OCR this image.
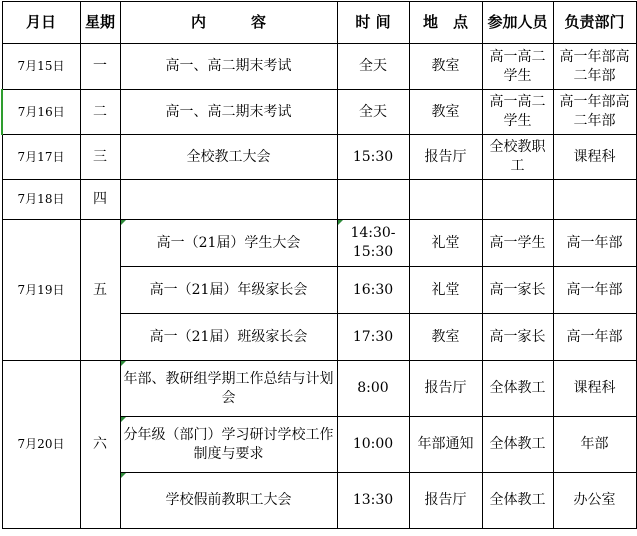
月日	星期	内　　　容	时 间	地　点	参加人员	负责部门
7月15日	一	高一、高二期末考试	全天	教室	高一高二学生	高一年部高二年部
7月16日	二	高一、高二期末考试	全天	教室	高一高二学生	高一年部高二年部
7月17日	三	全校教工大会	15:30	报告厅	全校教职工	课程科
7月18日	四					
7月19日	五	高一（21届）学生大会	14:30-15:30	礼堂	高一学生	高一年部
		高一（21届）年级家长会	16:30	礼堂	高一家长	高一年部
		高一（21届）班级家长会	17:30	教室	高一家长	高一年部
7月20日	六	年部、教研组学期工作总结与计划会	8:00	报告厅	全体教工	课程科
		分年级（部门）学习研讨学校工作制度与要求	10:00	年部通知	全体教工	年部
		学校假前教职工大会	13:30	报告厅	全体教工	办公室
